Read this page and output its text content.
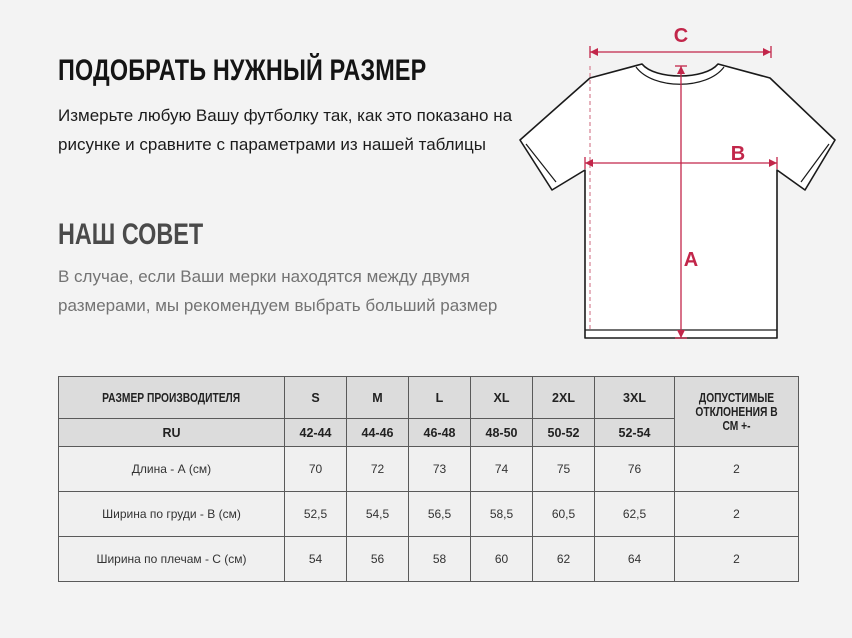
ПОДОБРАТЬ НУЖНЫЙ РАЗМЕР
Измерьте любую Вашу футболку так, как это показано на рисунке и сравните с параметрами из нашей таблицы
НАШ СОВЕТ
В случае, если Ваши мерки находятся между двумя размерами, мы рекомендуем выбрать больший размер
C
B
A
РАЗМЕР ПРОИЗВОДИТЕЛЯ	S	M	L	XL	2XL	3XL	ДОПУСТИМЫЕ ОТКЛОНЕНИЯ В СМ +-
RU	42-44	44-46	46-48	48-50	50-52	52-54	
Длина - А (см)	70	72	73	74	75	76	2
Ширина по груди - В (см)	52,5	54,5	56,5	58,5	60,5	62,5	2
Ширина по плечам - С (см)	54	56	58	60	62	64	2
